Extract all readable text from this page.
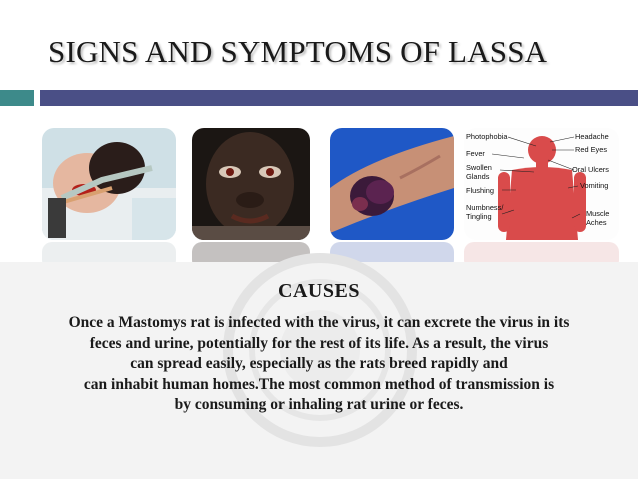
SIGNS AND SYMPTOMS OF LASSA
Photophobia
Fever
Swollen
Glands
Flushing
Numbness/
Tingling
Headache
Red Eyes
Oral Ulcers
Vomiting
Muscle
Aches
CAUSES
Once a Mastomys rat is infected with the virus, it can excrete the virus in its
feces and urine, potentially for the rest of its life. As a result, the virus
can spread easily, especially as the rats breed rapidly and
can inhabit human homes.The most common method of transmission is
by consuming or inhaling rat urine or feces.
